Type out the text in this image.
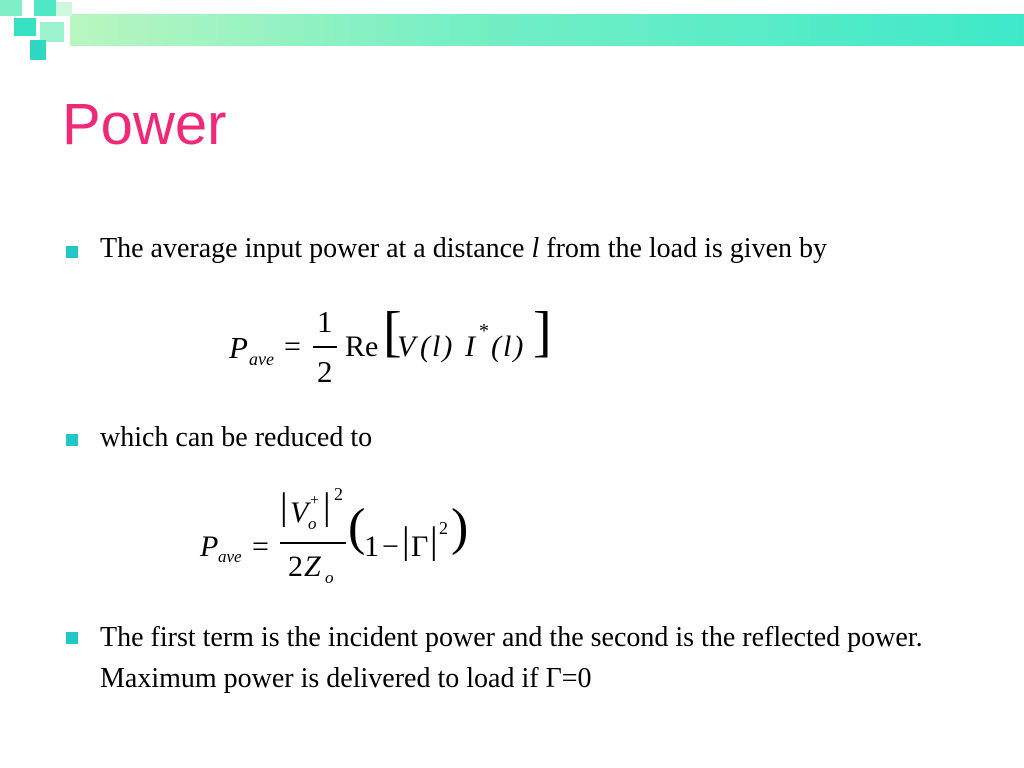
Power
The average input power at a distance l from the load is given by
P ave =
1
2
Re [
V (l) I * (l) ]
which can be reduced to
P ave =
| V +
o | 2
2 Z o
(
1 − | Γ | 2 )
The first term is the incident power and the second is the reflected power. Maximum power is delivered to load if Γ=0
